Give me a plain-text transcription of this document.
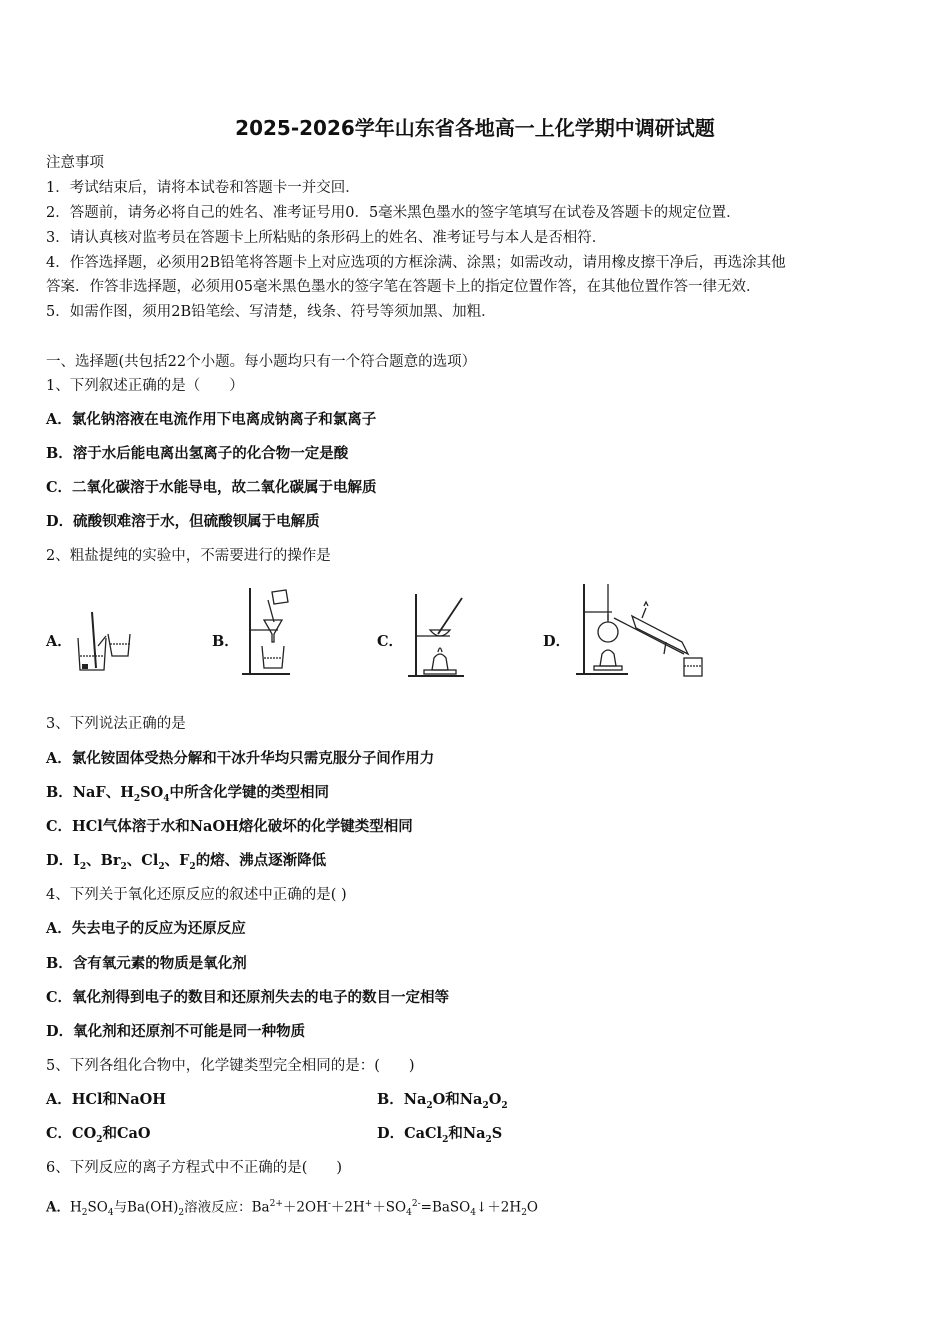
2025-2026学年山东省各地高一上化学期中调研试题
注意事项
1．考试结束后，请将本试卷和答题卡一并交回．
2．答题前，请务必将自己的姓名、准考证号用0．5毫米黑色墨水的签字笔填写在试卷及答题卡的规定位置．
3．请认真核对监考员在答题卡上所粘贴的条形码上的姓名、准考证号与本人是否相符．
4．作答选择题，必须用2B铅笔将答题卡上对应选项的方框涂满、涂黑；如需改动，请用橡皮擦干净后，再选涂其他
答案．作答非选择题，必须用05毫米黑色墨水的签字笔在答题卡上的指定位置作答，在其他位置作答一律无效．
5．如需作图，须用2B铅笔绘、写清楚，线条、符号等须加黑、加粗．
一、选择题(共包括22个小题。每小题均只有一个符合题意的选项）
1、下列叙述正确的是（　　）
A．氯化钠溶液在电流作用下电离成钠离子和氯离子
B．溶于水后能电离出氢离子的化合物一定是酸
C．二氧化碳溶于水能导电，故二氧化碳属于电解质
D．硫酸钡难溶于水，但硫酸钡属于电解质
2、粗盐提纯的实验中，不需要进行的操作是
A．	B．	C．	D．
3、下列说法正确的是
A．氯化铵固体受热分解和干冰升华均只需克服分子间作用力
B．NaF、$H_2SO_4$中所含化学键的类型相同
C．HCl气体溶于水和NaOH熔化破坏的化学键类型相同
D．$I_2$、$Br_2$、$Cl_2$、$F_2$的熔、沸点逐渐降低
4、下列关于氧化还原反应的叙述中正确的是( )
A．失去电子的反应为还原反应
B．含有氧元素的物质是氧化剂
C．氧化剂得到电子的数目和还原剂失去的电子的数目一定相等
D．氧化剂和还原剂不可能是同一种物质
5、下列各组化合物中，化学键类型完全相同的是：(　　)
A．HCl和NaOH	B．$Na_2O$和$Na_2O_2$
C．$CO_2$和CaO	D．CaCl$_2$和$Na_2S$
6、下列反应的离子方程式中不正确的是(　　)
A．$H_2SO_4$与$Ba(OH)_2$溶液反应：$Ba^{2+}+2OH^-+2H^++SO_4^{2-}=BaSO_4↓+2H_2O$
